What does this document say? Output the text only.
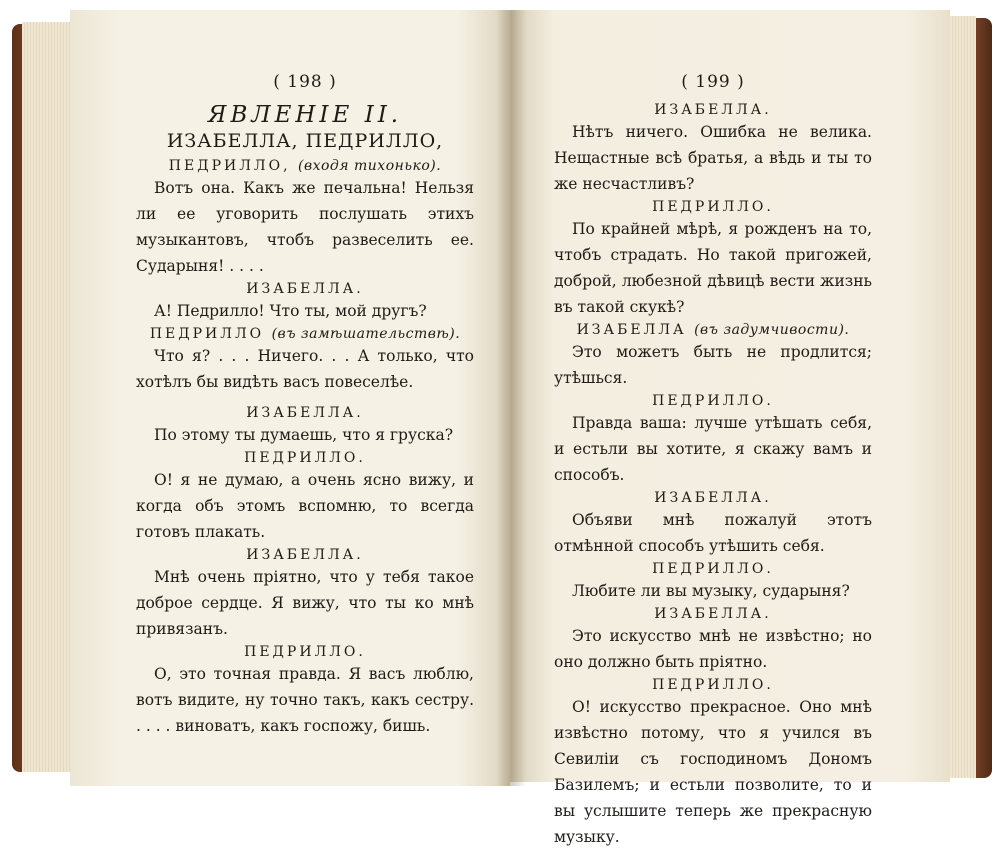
( 198 )
ЯВЛЕНІЕ II.
ИЗАБЕЛЛА, ПЕДРИЛЛО,
ПЕДРИЛЛО, (входя тихонько).

Вотъ она. Какъ же печальна! Нельзя ли ее уговорить послушать этихъ музыкантовъ, чтобъ развеселить ее. Сударыня! . . . .

ИЗАБЕЛЛА.

А! Педрилло! Что ты, мой другъ?

ПЕДРИЛЛО (въ замѣшательствѣ).

Что я? . . . Ничего. . . А только, что хотѣлъ бы видѣть васъ повеселѣе.

ИЗАБЕЛЛА.

По этому ты думаешь, что я груска?

ПЕДРИЛЛО.

О! я не думаю, а очень ясно вижу, и когда объ этомъ вспомню, то всегда готовъ плакать.

ИЗАБЕЛЛА.

Мнѣ очень пріятно, что у тебя такое доброе сердце. Я вижу, что ты ко мнѣ привязанъ.

ПЕДРИЛЛО.

О, это точная правда. Я васъ люблю, вотъ видите, ну точно такъ, какъ сестру. . . . . виноватъ, какъ госпожу, бишь.

( 199 )
ИЗАБЕЛЛА.

Нѣтъ ничего. Ошибка не велика. Нещастные всѣ братья, а вѣдь и ты то же несчастливъ?

ПЕДРИЛЛО.

По крайней мѣрѣ, я рожденъ на то, чтобъ страдать. Но такой пригожей, доброй, любезной дѣвицѣ вести жизнь въ такой скукѣ?

ИЗАБЕЛЛА (въ задумчивости).

Это можетъ быть не продлится; утѣшься.

ПЕДРИЛЛО.

Правда ваша: лучше утѣшать себя, и естьли вы хотите, я скажу вамъ и способъ.

ИЗАБЕЛЛА.

Объяви мнѣ пожалуй этотъ отмѣнной способъ утѣшить себя.

ПЕДРИЛЛО.

Любите ли вы музыку, сударыня?

ИЗАБЕЛЛА.

Это искусство мнѣ не извѣстно; но оно должно быть пріятно.

ПЕДРИЛЛО.

О! искусство прекрасное. Оно мнѣ извѣстно потому, что я учился въ Севиліи съ господиномъ Дономъ Базилемъ; и естьли позволите, то и вы услышите теперь же прекрасную музыку.
